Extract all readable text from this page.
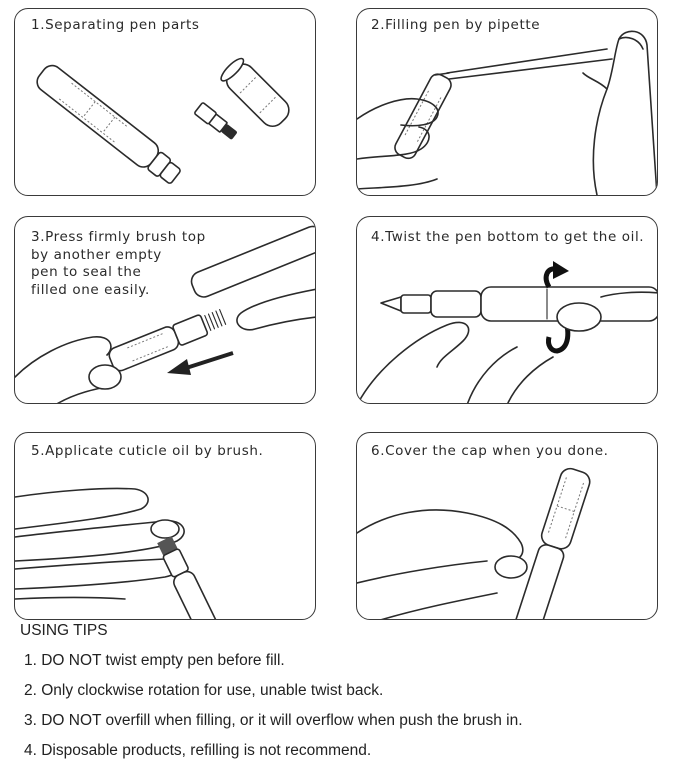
1.Separating pen parts	2.Filling pen by pipette
3.Press firmly brush top
by another empty
pen to seal the
filled one easily.
4.Twist the pen bottom to get the oil.
5.Applicate cuticle oil by brush.	6.Cover the cap when you done.
USING TIPS
1. DO NOT twist empty pen before fill.
2. Only clockwise rotation for use, unable twist back.
3. DO NOT overfill when filling, or it will overflow when push the brush in.
4. Disposable products, refilling is not recommend.
